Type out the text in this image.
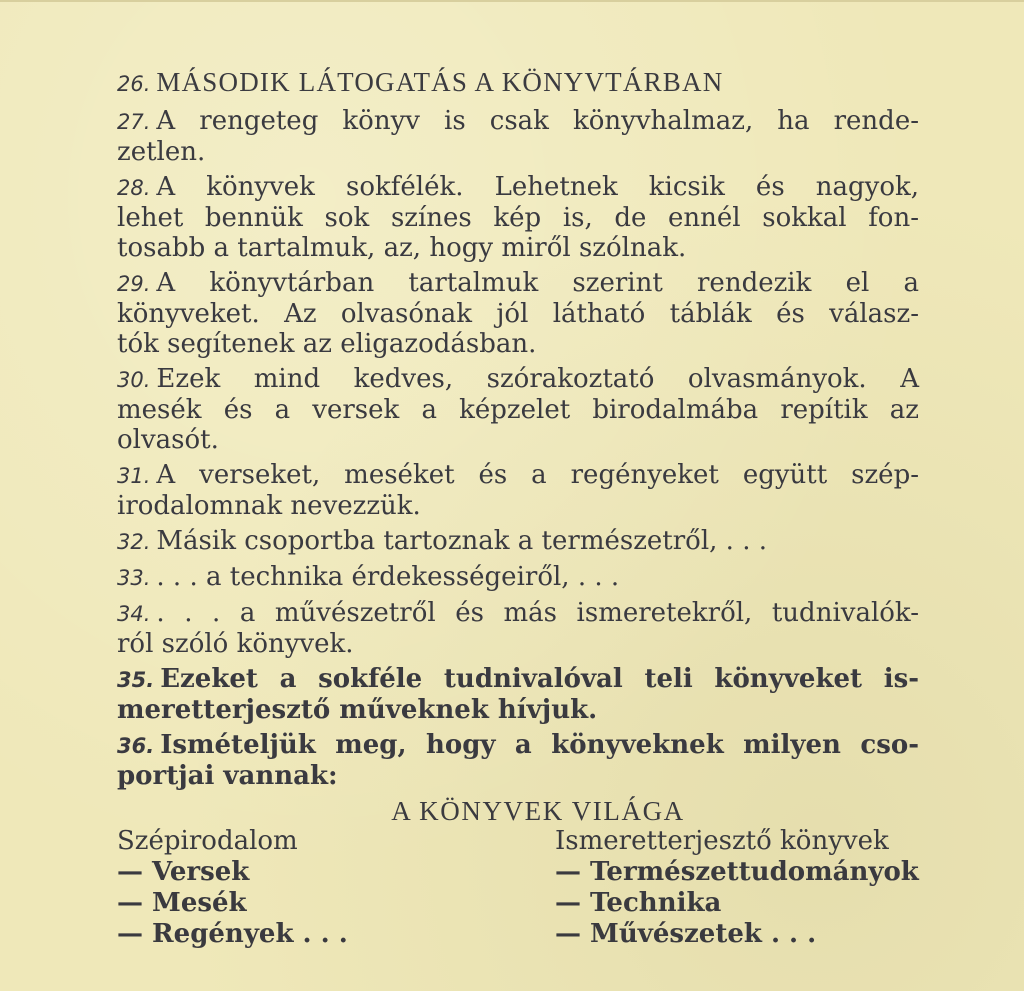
26. MÁSODIK LÁTOGATÁS A KÖNYVTÁRBAN
27. A rengeteg könyv is csak könyvhalmaz, ha rende-
zetlen.
28. A könyvek sokfélék. Lehetnek kicsik és nagyok,
lehet bennük sok színes kép is, de ennél sokkal fon-
tosabb a tartalmuk, az, hogy miről szólnak.
29. A könyvtárban tartalmuk szerint rendezik el a
könyveket. Az olvasónak jól látható táblák és válasz-
tók segítenek az eligazodásban.
30. Ezek mind kedves, szórakoztató olvasmányok. A
mesék és a versek a képzelet birodalmába repítik az
olvasót.
31. A verseket, meséket és a regényeket együtt szép-
irodalomnak nevezzük.
32. Másik csoportba tartoznak a természetről, . . .
33. . . . a technika érdekességeiről, . . .
34. . . . a művészetről és más ismeretekről, tudnivalók-
ról szóló könyvek.
35. Ezeket a sokféle tudnivalóval teli könyveket is-
meretterjesztő műveknek hívjuk.
36. Ismételjük meg, hogy a könyveknek milyen cso-
portjai vannak:
A KÖNYVEK VILÁGA
Szépirodalom
— Versek
— Mesék
— Regények . . .
Ismeretterjesztő könyvek
— Természettudományok
— Technika
— Művészetek . . .
